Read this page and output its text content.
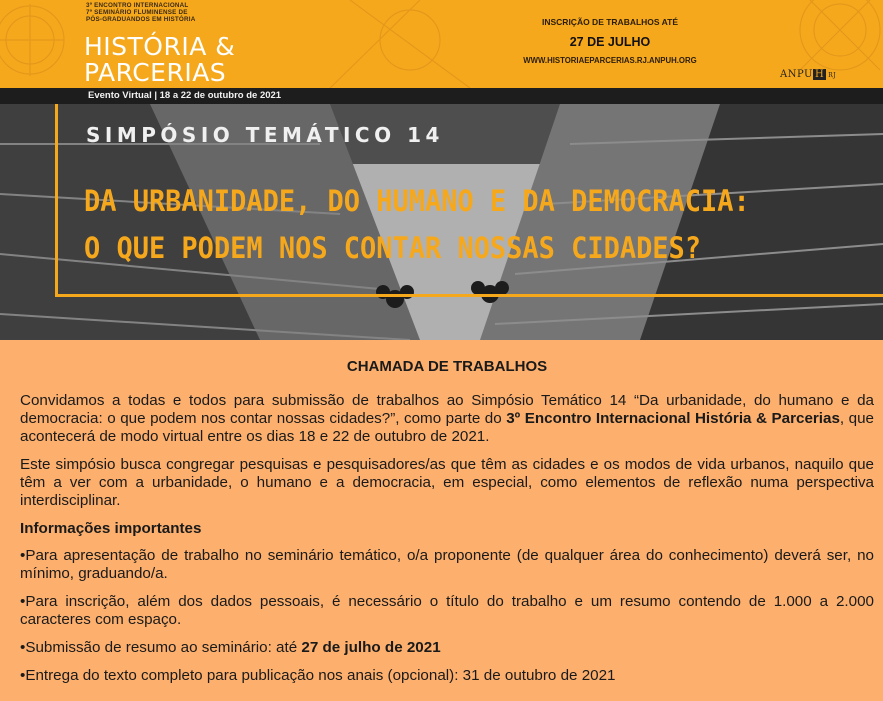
3º ENCONTRO INTERNACIONAL
7º SEMINÁRIO FLUMINENSE DE
PÓS-GRADUANDOS EM HISTÓRIA
HISTÓRIA &
PARCERIAS
INSCRIÇÃO DE TRABALHOS ATÉ
27 DE JULHO
WWW.HISTORIAEPARCERIAS.RJ.ANPUH.ORG
ANPU H RJ
Evento Virtual | 18 a 22 de outubro de 2021
SIMPÓSIO TEMÁTICO 14
DA URBANIDADE, DO HUMANO E DA DEMOCRACIA:
O QUE PODEM NOS CONTAR NOSSAS CIDADES?
CHAMADA DE TRABALHOS

Convidamos a todas e todos para submissão de trabalhos ao Simpósio Temático 14 “Da urbanidade, do humano e da democracia: o que podem nos contar nossas cidades?”, como parte do 3º Encontro Internacional História & Parcerias, que acontecerá de modo virtual entre os dias 18 e 22 de outubro de 2021.

Este simpósio busca congregar pesquisas e pesquisadores/as que têm as cidades e os modos de vida urbanos, naquilo que têm a ver com a urbanidade, o humano e a democracia, em especial, como elementos de reflexão numa perspectiva interdisciplinar.

Informações importantes

•Para apresentação de trabalho no seminário temático, o/a proponente (de qualquer área do conhecimento) deverá ser, no mínimo, graduando/a.

•Para inscrição, além dos dados pessoais, é necessário o título do trabalho e um resumo contendo de 1.000 a 2.000 caracteres com espaço.

•Submissão de resumo ao seminário: até 27 de julho de 2021

•Entrega do texto completo para publicação nos anais (opcional): 31 de outubro de 2021
